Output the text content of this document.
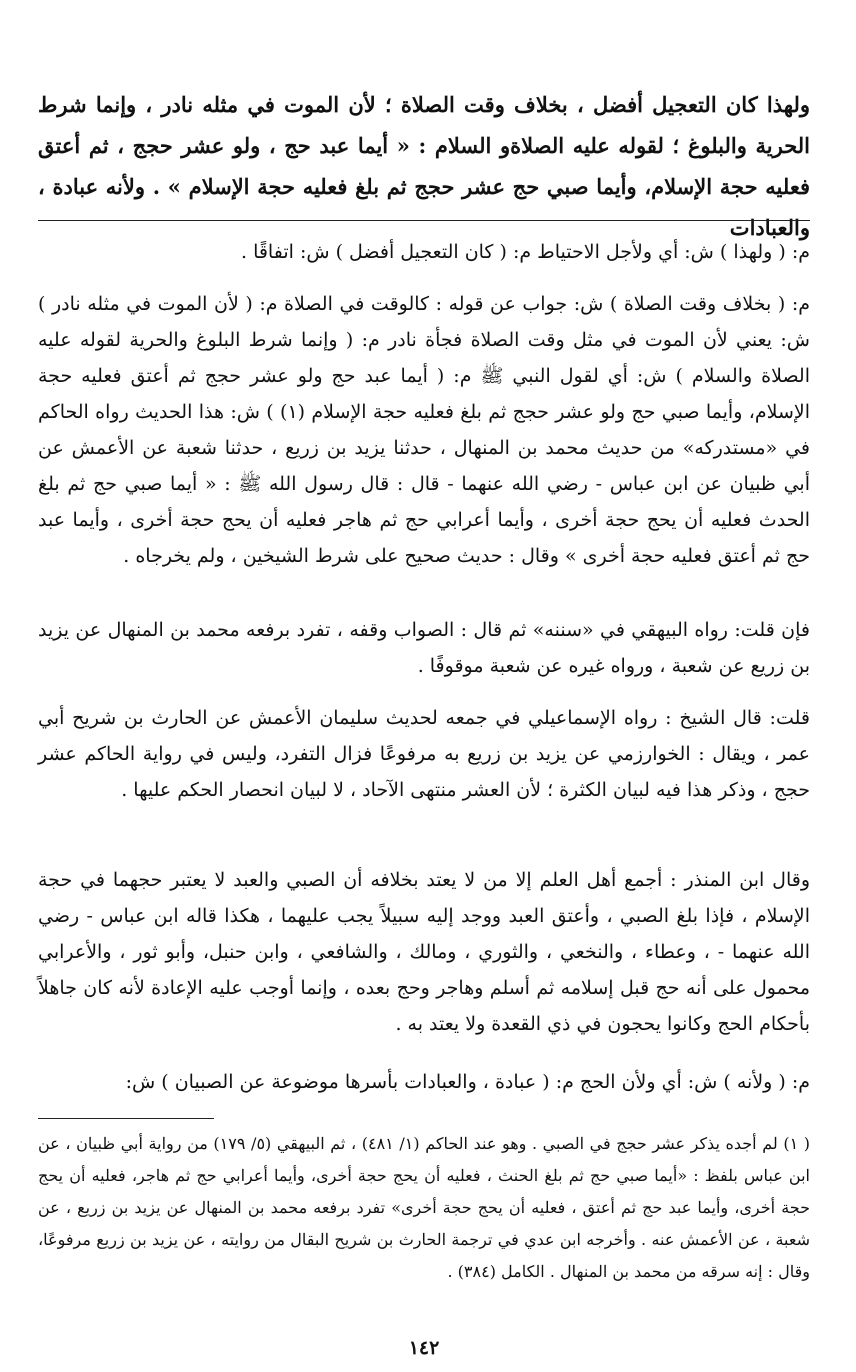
ولهذا كان التعجيل أفضل ، بخلاف وقت الصلاة ؛ لأن الموت في مثله نادر ، وإنما شرط الحرية والبلوغ ؛ لقوله عليه الصلاةو السلام : « أيما عبد حج ، ولو عشر حجج ، ثم أعتق فعليه حجة الإسلام، وأيما صبي حج عشر حجج ثم بلغ فعليه حجة الإسلام » . ولأنه عبادة ، والعبادات

م: ( ولهذا ) ش: أي ولأجل الاحتياط م: ( كان التعجيل أفضل ) ش: اتفاقًا .

م: ( بخلاف وقت الصلاة ) ش: جواب عن قوله : كالوقت في الصلاة م: ( لأن الموت في مثله نادر ) ش: يعني لأن الموت في مثل وقت الصلاة فجأة نادر م: ( وإنما شرط البلوغ والحرية لقوله عليه الصلاة والسلام ) ش: أي لقول النبي ﷺ م: ( أيما عبد حج ولو عشر حجج ثم أعتق فعليه حجة الإسلام، وأيما صبي حج ولو عشر حجج ثم بلغ فعليه حجة الإسلام (١) ) ش: هذا الحديث رواه الحاكم في «مستدركه» من حديث محمد بن المنهال ، حدثنا يزيد بن زريع ، حدثنا شعبة عن الأعمش عن أبي ظبيان عن ابن عباس - رضي الله عنهما - قال : قال رسول الله ﷺ : « أيما صبي حج ثم بلغ الحدث فعليه أن يحج حجة أخرى ، وأيما أعرابي حج ثم هاجر فعليه أن يحج حجة أخرى ، وأيما عبد حج ثم أعتق فعليه حجة أخرى » وقال : حديث صحيح على شرط الشيخين ، ولم يخرجاه .

فإن قلت: رواه البيهقي في «سننه» ثم قال : الصواب وقفه ، تفرد برفعه محمد بن المنهال عن يزيد بن زريع عن شعبة ، ورواه غيره عن شعبة موقوفًا .

قلت: قال الشيخ : رواه الإسماعيلي في جمعه لحديث سليمان الأعمش عن الحارث بن شريح أبي عمر ، ويقال : الخوارزمي عن يزيد بن زريع به مرفوعًا فزال التفرد، وليس في رواية الحاكم عشر حجج ، وذكر هذا فيه لبيان الكثرة ؛ لأن العشر منتهى الآحاد ، لا لبيان انحصار الحكم عليها .

وقال ابن المنذر : أجمع أهل العلم إلا من لا يعتد بخلافه أن الصبي والعبد لا يعتبر حجهما في حجة الإسلام ، فإذا بلغ الصبي ، وأعتق العبد ووجد إليه سبيلاً يجب عليهما ، هكذا قاله ابن عباس - رضي الله عنهما - ، وعطاء ، والنخعي ، والثوري ، ومالك ، والشافعي ، وابن حنبل، وأبو ثور ، والأعرابي محمول على أنه حج قبل إسلامه ثم أسلم وهاجر وحج بعده ، وإنما أوجب عليه الإعادة لأنه كان جاهلاً بأحكام الحج وكانوا يحجون في ذي القعدة ولا يعتد به .

م: ( ولأنه ) ش: أي ولأن الحج م: ( عبادة ، والعبادات بأسرها موضوعة عن الصبيان ) ش:

( ١) لم أجده يذكر عشر حجج في الصبي . وهو عند الحاكم (١/ ٤٨١) ، ثم البيهقي (٥/ ١٧٩) من رواية أبي ظبيان ، عن ابن عباس بلفظ : «أيما صبي حج ثم بلغ الحنث ، فعليه أن يحج حجة أخرى، وأيما أعرابي حج ثم هاجر، فعليه أن يحج حجة أخرى، وأيما عبد حج ثم أعتق ، فعليه أن يحج حجة أخرى» تفرد برفعه محمد بن المنهال عن يزيد بن زريع ، عن شعبة ، عن الأعمش عنه . وأخرجه ابن عدي في ترجمة الحارث بن شريح البقال من روايته ، عن يزيد بن زريع مرفوعًا، وقال : إنه سرقه من محمد بن المنهال . الكامل (٣٨٤) .

١٤٢
